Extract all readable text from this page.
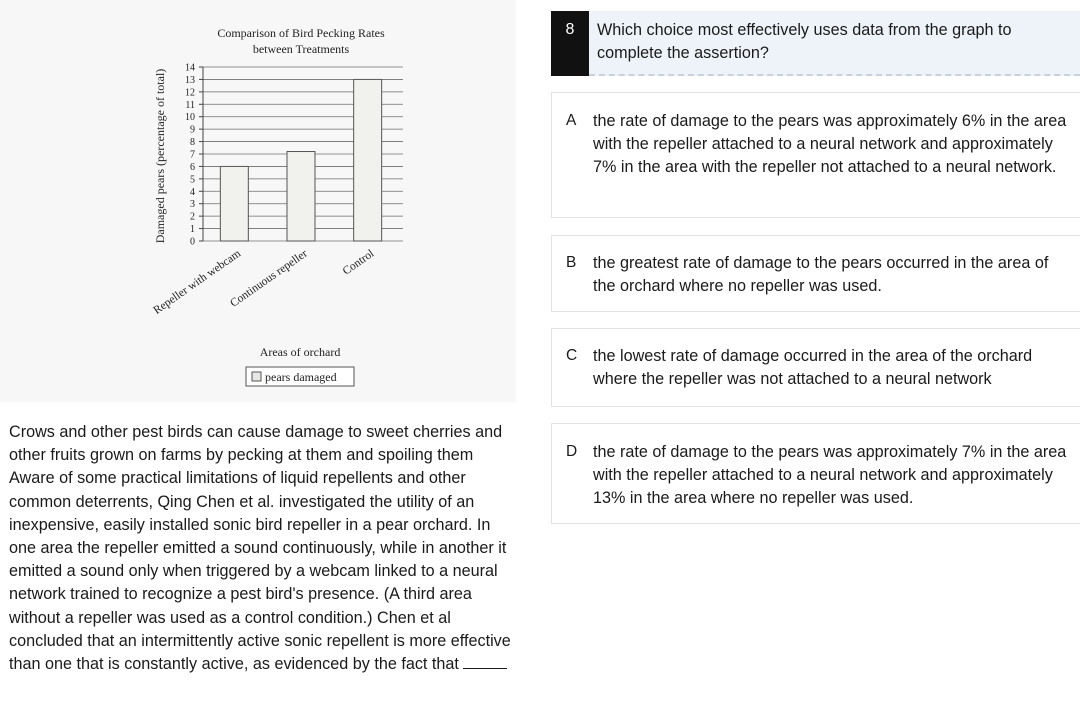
Comparison of Bird Pecking Rates
between Treatments
Damaged pears (percentage of total) 0
1
2
3
4
5
6
7
8
9
10
11
12
13
14
Repeller with webcam
Continuous repeller	Control
Areas of orchard
pears damaged
Crows and other pest birds can cause damage to sweet cherries and other fruits grown on farms by pecking at them and spoiling them Aware of some practical limitations of liquid repellents and other common deterrents, Qing Chen et al. investigated the utility of an inexpensive, easily installed sonic bird repeller in a pear orchard. In one area the repeller emitted a sound continuously, while in another it emitted a sound only when triggered by a webcam linked to a neural network trained to recognize a pest bird's presence. (A third area without a repeller was used as a control condition.) Chen et al concluded that an intermittently active sonic repellent is more effective than one that is constantly active, as evidenced by the fact that
8	Which choice most effectively uses data from the graph to complete the assertion?
A the rate of damage to the pears was approximately 6% in the area with the repeller attached to a neural network and approximately 7% in the area with the repeller not attached to a neural network.
B the greatest rate of damage to the pears occurred in the area of the orchard where no repeller was used.
C the lowest rate of damage occurred in the area of the orchard where the repeller was not attached to a neural network
D the rate of damage to the pears was approximately 7% in the area with the repeller attached to a neural network and approximately 13% in the area where no repeller was used.
